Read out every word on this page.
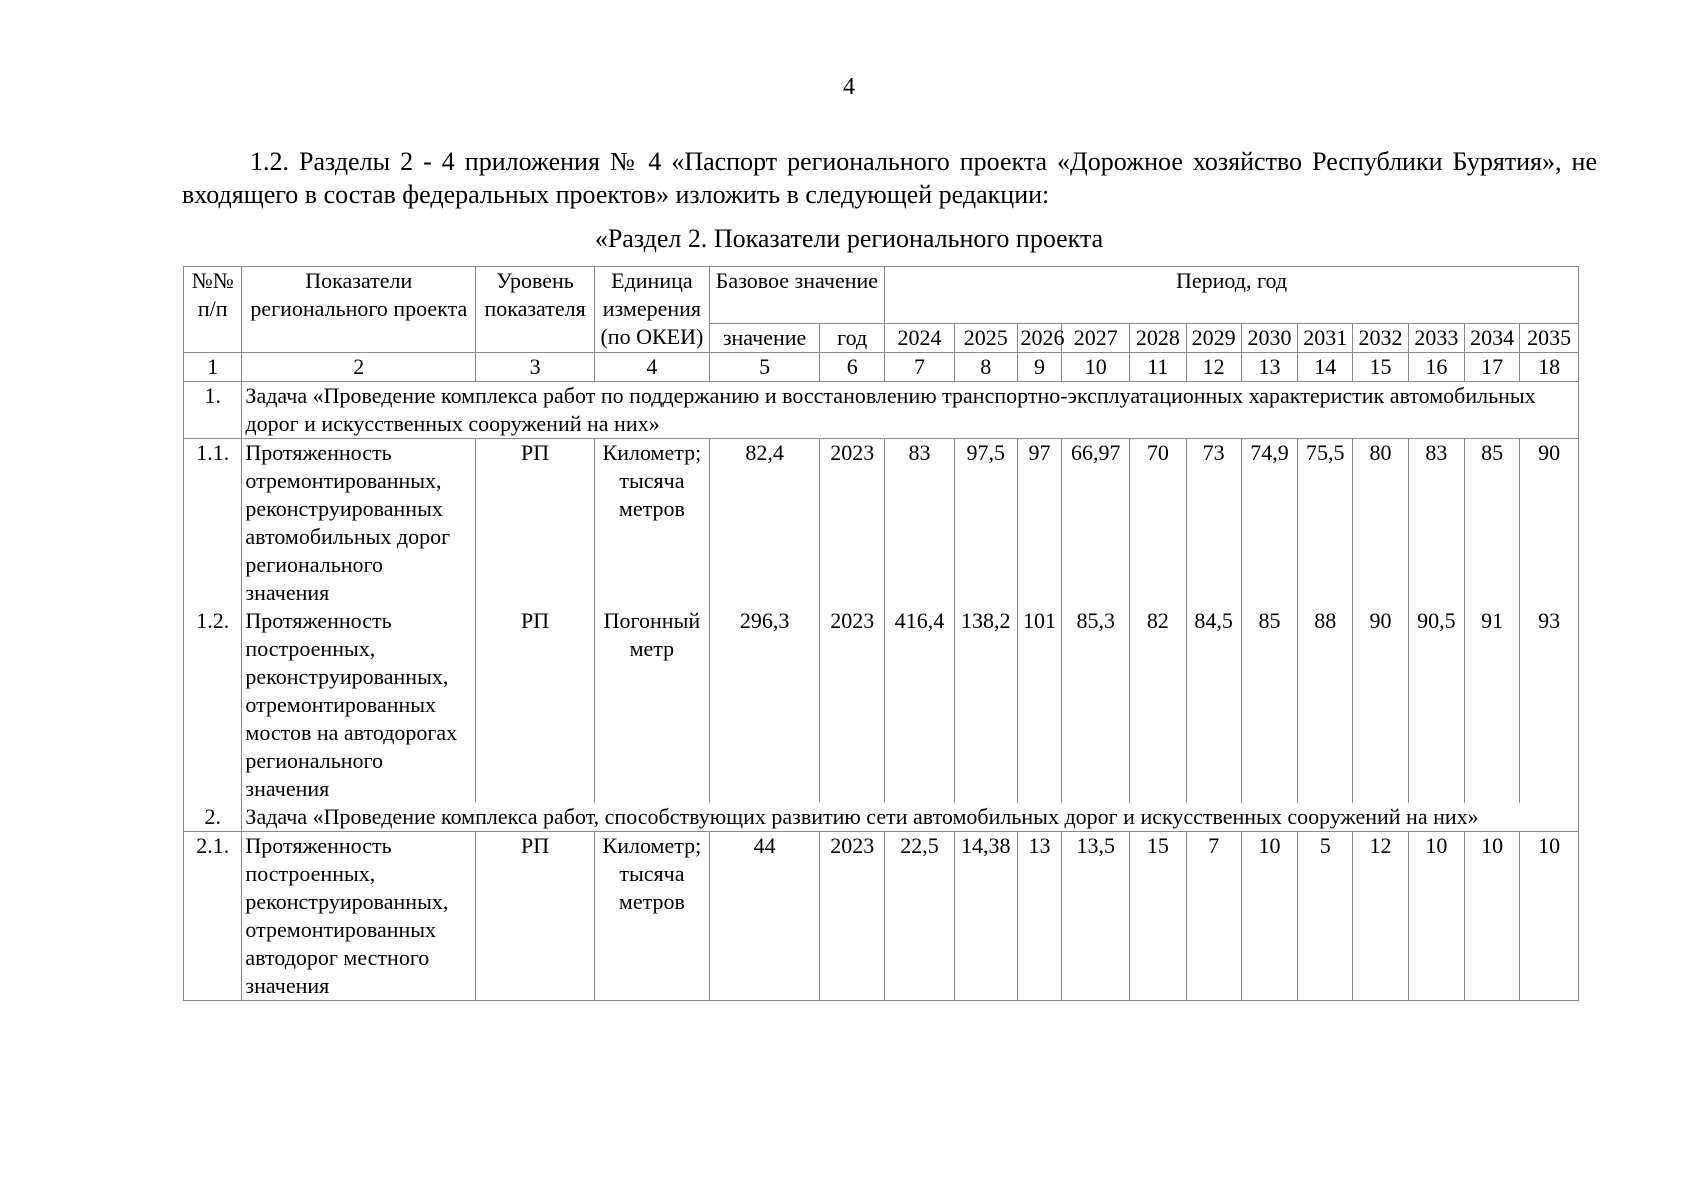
4

1.2. Разделы 2 - 4 приложения № 4 «Паспорт регионального проекта «Дорожное хозяйство Республики Бурятия», не входящего в состав федеральных проектов» изложить в следующей редакции:

«Раздел 2. Показатели регионального проекта
№№ п/п	Показатели регионального проекта	Уровень показателя	Единица измерения (по ОКЕИ)	Базовое значение		Период, год											
				значение	год	2024	2025	2026	2027	2028	2029	2030	2031	2032	2033	2034	2035
1	2	3	4	5	6	7	8	9	10	11	12	13	14	15	16	17	18
1.	Задача «Проведение комплекса работ по поддержанию и восстановлению транспортно-эксплуатационных характеристик автомобильных дорог и искусственных сооружений на них»																
1.1.	Протяженность отремонтированных, реконструированных автомобильных дорог регионального значения	РП	Километр; тысяча метров	82,4	2023	83	97,5	97	66,97	70	73	74,9	75,5	80	83	85	90
1.2.	Протяженность построенных, реконструированных, отремонтированных мостов на автодорогах регионального значения	РП	Погонный метр	296,3	2023	416,4	138,2	101	85,3	82	84,5	85	88	90	90,5	91	93
2.	Задача «Проведение комплекса работ, способствующих развитию сети автомобильных дорог и искусственных сооружений на них»																
2.1.	Протяженность построенных, реконструированных, отремонтированных автодорог местного значения	РП	Километр; тысяча метров	44	2023	22,5	14,38	13	13,5	15	7	10	5	12	10	10	10
